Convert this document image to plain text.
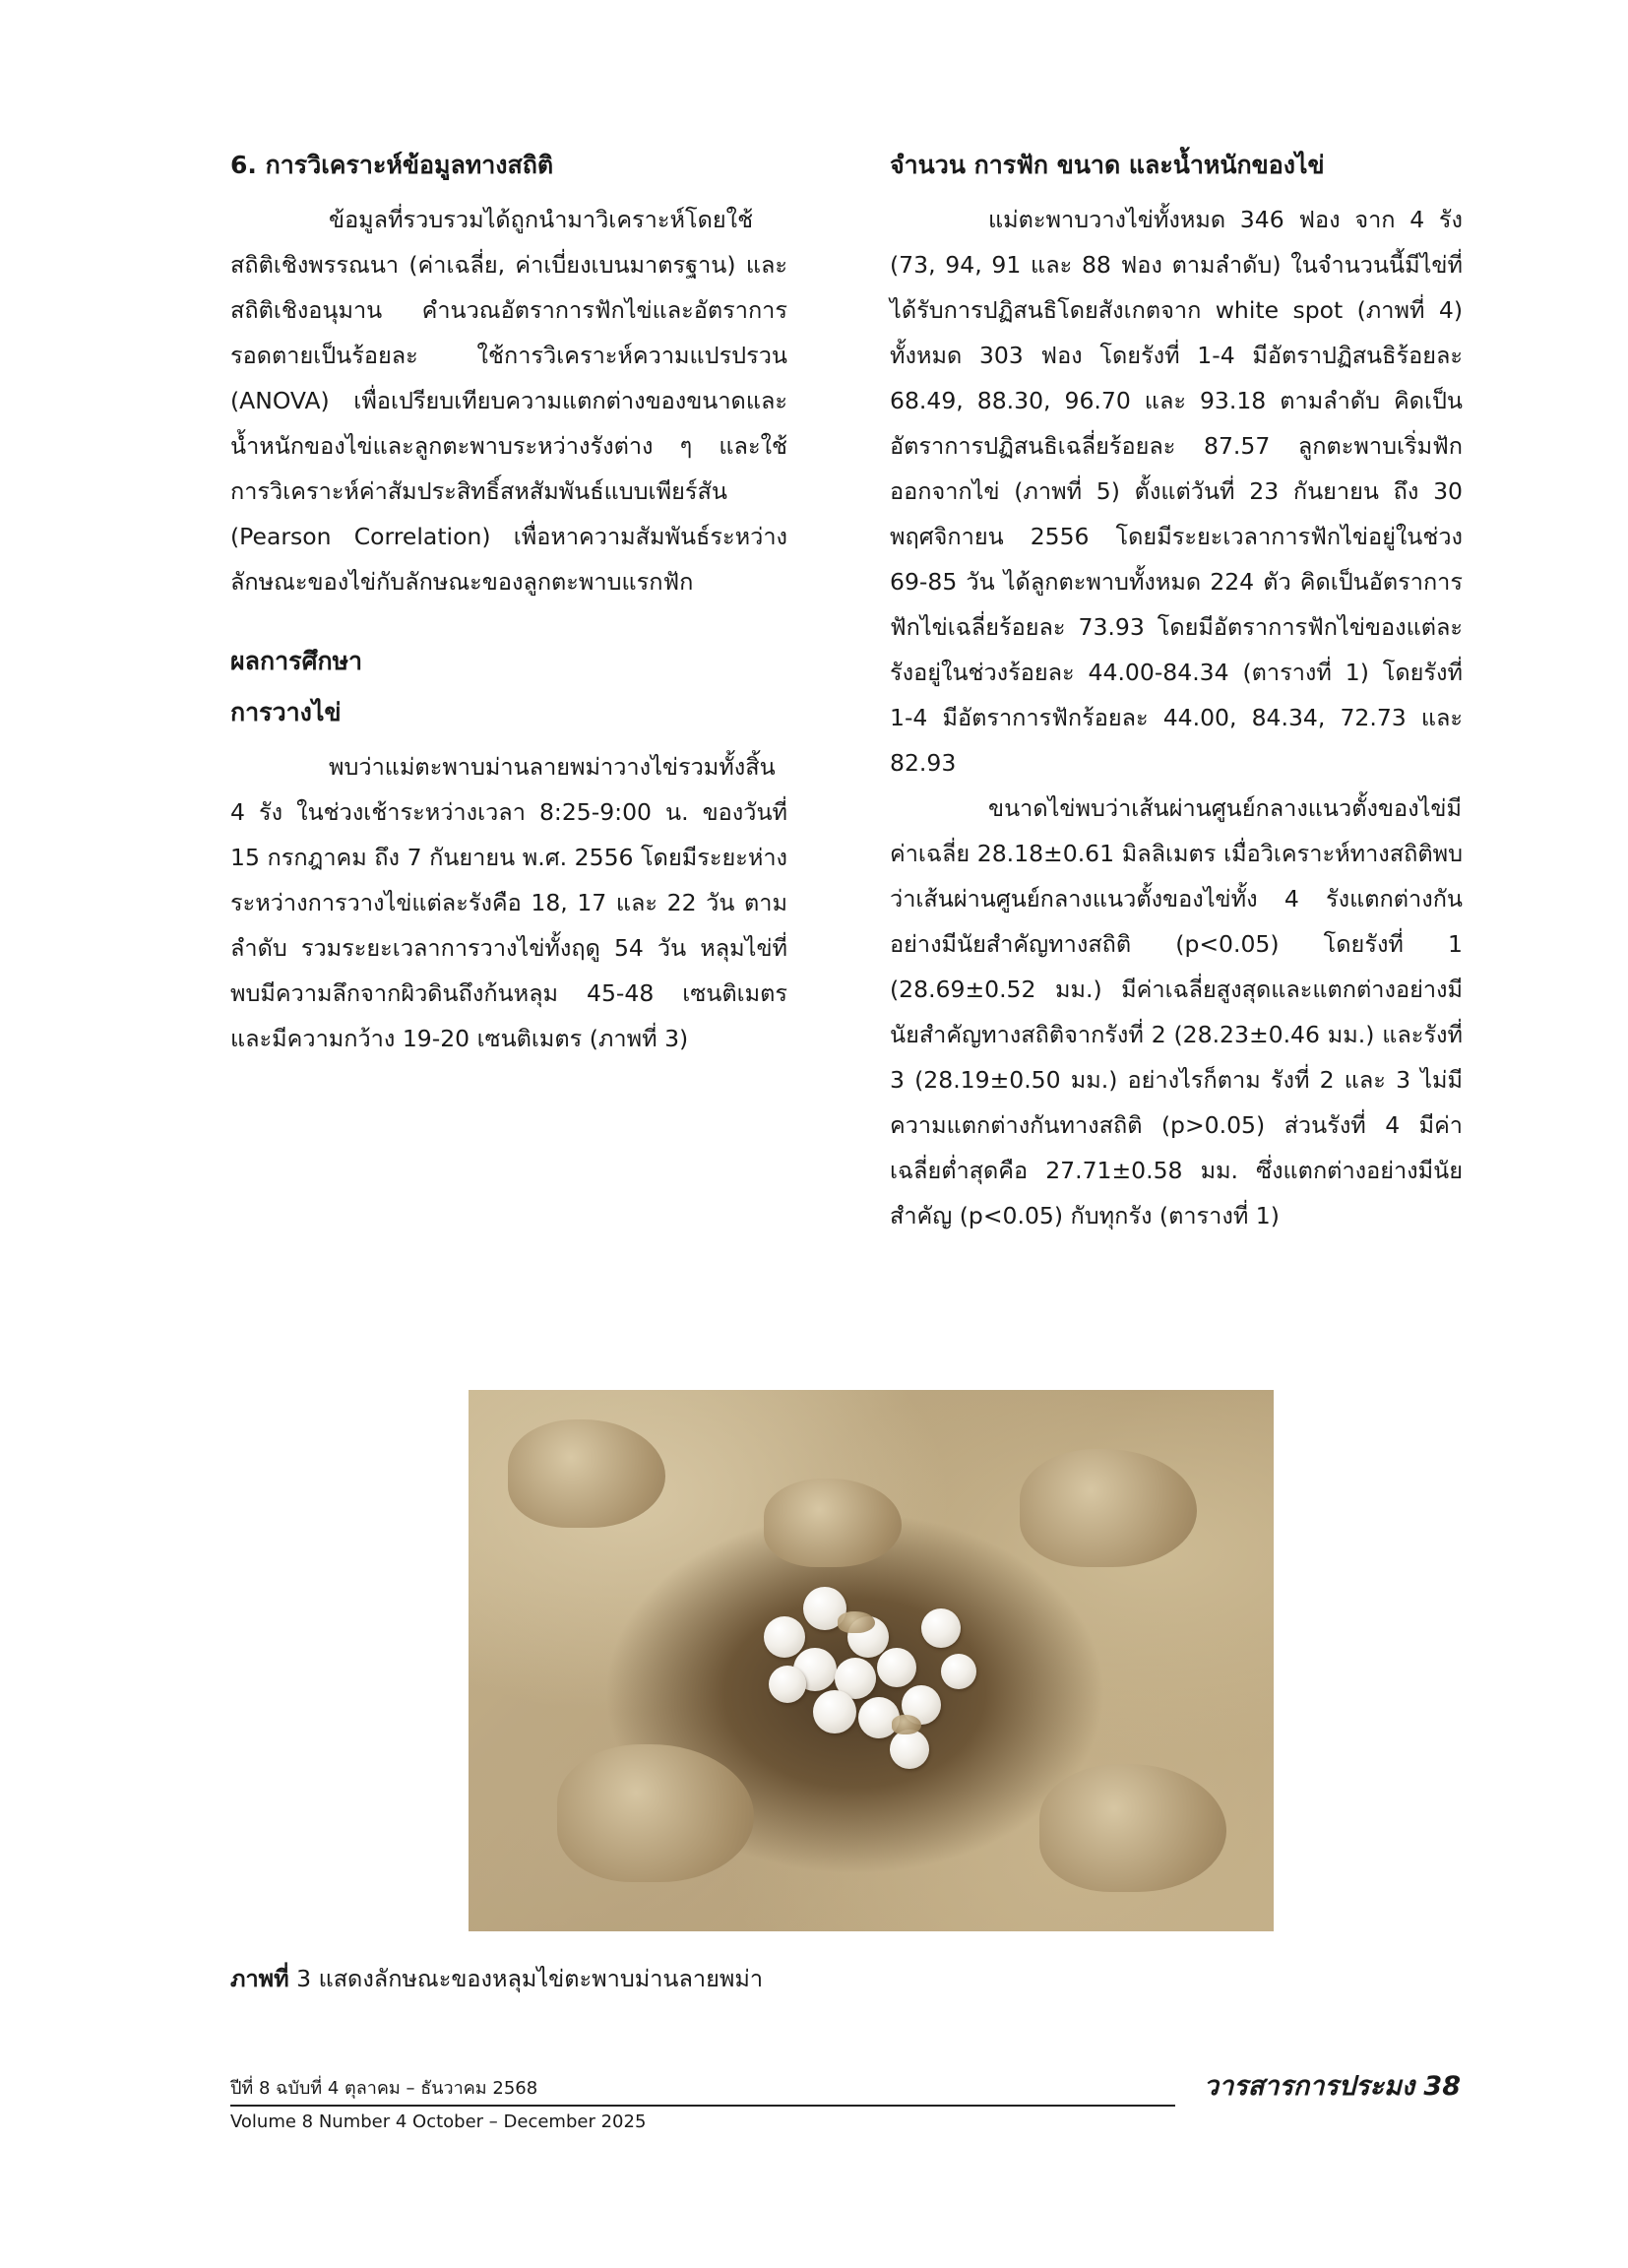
6. การวิเคราะห์ข้อมูลทางสถิติ

ข้อมูลที่รวบรวมได้ถูกนำมาวิเคราะห์โดยใช้สถิติเชิงพรรณนา (ค่าเฉลี่ย, ค่าเบี่ยงเบนมาตรฐาน) และสถิติเชิงอนุมาน คำนวณอัตราการฟักไข่และอัตราการรอดตายเป็นร้อยละ ใช้การวิเคราะห์ความแปรปรวน (ANOVA) เพื่อเปรียบเทียบความแตกต่างของขนาดและน้ำหนักของไข่และลูกตะพาบระหว่างรังต่าง ๆ และใช้การวิเคราะห์ค่าสัมประสิทธิ์สหสัมพันธ์แบบเพียร์สัน (Pearson Correlation) เพื่อหาความสัมพันธ์ระหว่างลักษณะของไข่กับลักษณะของลูกตะพาบแรกฟัก

ผลการศึกษา
การวางไข่

พบว่าแม่ตะพาบม่านลายพม่าวางไข่รวมทั้งสิ้น 4 รัง ในช่วงเช้าระหว่างเวลา 8:25-9:00 น. ของวันที่ 15 กรกฎาคม ถึง 7 กันยายน พ.ศ. 2556 โดยมีระยะห่างระหว่างการวางไข่แต่ละรังคือ 18, 17 และ 22 วัน ตามลำดับ รวมระยะเวลาการวางไข่ทั้งฤดู 54 วัน หลุมไข่ที่พบมีความลึกจากผิวดินถึงก้นหลุม 45-48 เซนติเมตร และมีความกว้าง 19-20 เซนติเมตร (ภาพที่ 3)

จำนวน การฟัก ขนาด และน้ำหนักของไข่

แม่ตะพาบวางไข่ทั้งหมด 346 ฟอง จาก 4 รัง (73, 94, 91 และ 88 ฟอง ตามลำดับ) ในจำนวนนี้มีไข่ที่ได้รับการปฏิสนธิโดยสังเกตจาก white spot (ภาพที่ 4) ทั้งหมด 303 ฟอง โดยรังที่ 1-4 มีอัตราปฏิสนธิร้อยละ 68.49, 88.30, 96.70 และ 93.18 ตามลำดับ คิดเป็นอัตราการปฏิสนธิเฉลี่ยร้อยละ 87.57 ลูกตะพาบเริ่มฟักออกจากไข่ (ภาพที่ 5) ตั้งแต่วันที่ 23 กันยายน ถึง 30 พฤศจิกายน 2556 โดยมีระยะเวลาการฟักไข่อยู่ในช่วง 69-85 วัน ได้ลูกตะพาบทั้งหมด 224 ตัว คิดเป็นอัตราการฟักไข่เฉลี่ยร้อยละ 73.93 โดยมีอัตราการฟักไข่ของแต่ละรังอยู่ในช่วงร้อยละ 44.00-84.34 (ตารางที่ 1) โดยรังที่ 1-4 มีอัตราการฟักร้อยละ 44.00, 84.34, 72.73 และ 82.93

ขนาดไข่พบว่าเส้นผ่านศูนย์กลางแนวตั้งของไข่มีค่าเฉลี่ย 28.18±0.61 มิลลิเมตร เมื่อวิเคราะห์ทางสถิติพบว่าเส้นผ่านศูนย์กลางแนวตั้งของไข่ทั้ง 4 รังแตกต่างกันอย่างมีนัยสำคัญทางสถิติ (p<0.05) โดยรังที่ 1 (28.69±0.52 มม.) มีค่าเฉลี่ยสูงสุดและแตกต่างอย่างมีนัยสำคัญทางสถิติจากรังที่ 2 (28.23±0.46 มม.) และรังที่ 3 (28.19±0.50 มม.) อย่างไรก็ตาม รังที่ 2 และ 3 ไม่มีความแตกต่างกันทางสถิติ (p>0.05) ส่วนรังที่ 4 มีค่าเฉลี่ยต่ำสุดคือ 27.71±0.58 มม. ซึ่งแตกต่างอย่างมีนัยสำคัญ (p<0.05) กับทุกรัง (ตารางที่ 1)

ภาพที่ 3 แสดงลักษณะของหลุมไข่ตะพาบม่านลายพม่า

ปีที่ 8 ฉบับที่ 4 ตุลาคม – ธันวาคม 2568
Volume 8 Number 4 October – December 2025
วารสารการประมง 38
